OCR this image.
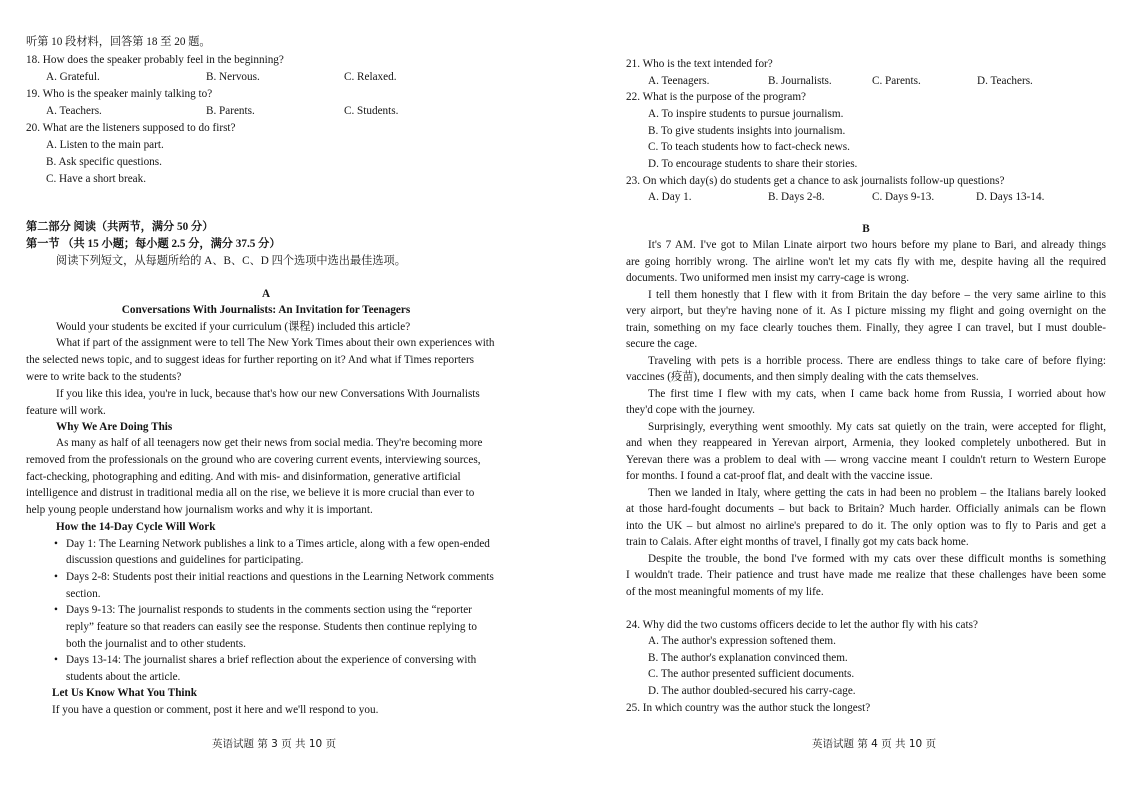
听第 10 段材料，回答第 18 至 20 题。
18. How does the speaker probably feel in the beginning?
A. Grateful.	B. Nervous.	C. Relaxed.
19. Who is the speaker mainly talking to?
A. Teachers.	B. Parents.	C. Students.
20. What are the listeners supposed to do first?
A. Listen to the main part.
B. Ask specific questions.
C. Have a short break.
第二部分 阅读（共两节，满分 50 分）
第一节 （共 15 小题；每小题 2.5 分，满分 37.5 分）
阅读下列短文，从每题所给的 A、B、C、D 四个选项中选出最佳选项。
A
Conversations With Journalists: An Invitation for Teenagers
Would your students be excited if your curriculum (课程) included this article?
What if part of the assignment were to tell The New York Times about their own experiences with
the selected news topic, and to suggest ideas for further reporting on it? And what if Times reporters
were to write back to the students?
If you like this idea, you're in luck, because that's how our new Conversations With Journalists
feature will work.
Why We Are Doing This
As many as half of all teenagers now get their news from social media. They're becoming more
removed from the professionals on the ground who are covering current events, interviewing sources,
fact-checking, photographing and editing. And with mis- and disinformation, generative artificial
intelligence and distrust in traditional media all on the rise, we believe it is more crucial than ever to
help young people understand how journalism works and why it is important.
How the 14-Day Cycle Will Work
• Day 1: The Learning Network publishes a link to a Times article, along with a few open-ended
discussion questions and guidelines for participating.
• Days 2-8: Students post their initial reactions and questions in the Learning Network comments
section.
• Days 9-13: The journalist responds to students in the comments section using the “reporter
reply” feature so that readers can easily see the response. Students then continue replying to
both the journalist and to other students.
• Days 13-14: The journalist shares a brief reflection about the experience of conversing with
students about the article.
Let Us Know What You Think
If you have a question or comment, post it here and we'll respond to you.
英语试题 第 3 页 共 10 页
21. Who is the text intended for?
A. Teenagers.	B. Journalists.	C. Parents.	D. Teachers.
22. What is the purpose of the program?
A. To inspire students to pursue journalism.
B. To give students insights into journalism.
C. To teach students how to fact-check news.
D. To encourage students to share their stories.
23. On which day(s) do students get a chance to ask journalists follow-up questions?
A. Day 1.	B. Days 2-8.	C. Days 9-13.	D. Days 13-14.
B
It's 7 AM. I've got to Milan Linate airport two hours before my plane to Bari, and already things
are going horribly wrong. The airline won't let my cats fly with me, despite having all the required
documents. Two uniformed men insist my carry-cage is wrong.
I tell them honestly that I flew with it from Britain the day before – the very same airline to this
very airport, but they're having none of it. As I picture missing my flight and going overnight on the
train, something on my face clearly touches them. Finally, they agree I can travel, but I must double-
secure the cage.
Traveling with pets is a horrible process. There are endless things to take care of before flying:
vaccines (疫苗), documents, and then simply dealing with the cats themselves.
The first time I flew with my cats, when I came back home from Russia, I worried about how
they'd cope with the journey.
Surprisingly, everything went smoothly. My cats sat quietly on the train, were accepted for flight,
and when they reappeared in Yerevan airport, Armenia, they looked completely unbothered. But in
Yerevan there was a problem to deal with — wrong vaccine meant I couldn't return to Western Europe
for months. I found a cat-proof flat, and dealt with the vaccine issue.
Then we landed in Italy, where getting the cats in had been no problem – the Italians barely looked
at those hard-fought documents – but back to Britain? Much harder. Officially animals can be flown
into the UK – but almost no airline's prepared to do it. The only option was to fly to Paris and get a
train to Calais. After eight months of travel, I finally got my cats back home.
Despite the trouble, the bond I've formed with my cats over these difficult months is something
I wouldn't trade. Their patience and trust have made me realize that these challenges have been some
of the most meaningful moments of my life.
24. Why did the two customs officers decide to let the author fly with his cats?
A. The author's expression softened them.
B. The author's explanation convinced them.
C. The author presented sufficient documents.
D. The author doubled-secured his carry-cage.
25. In which country was the author stuck the longest?
英语试题 第 4 页 共 10 页
